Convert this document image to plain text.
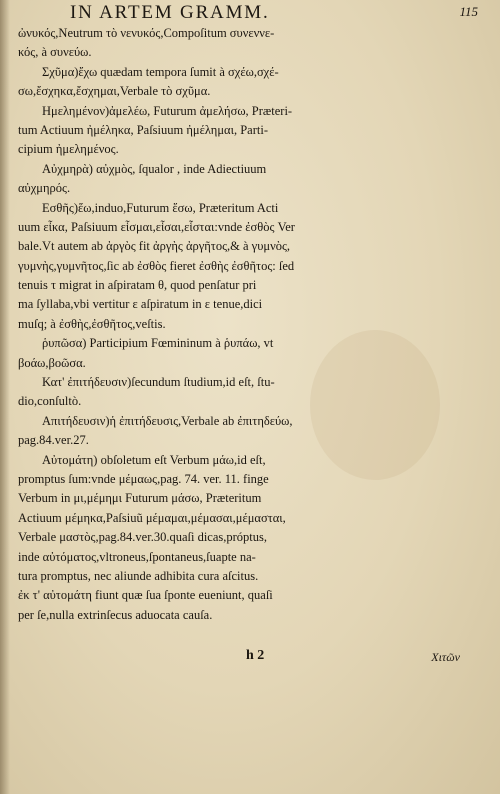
IN ARTEM GRAMM.	115
ὠνυκός,Neutrum τὸ νενυκός,Compoſitum συνεννε-
κός, à συνεύω.
Σχῦμα)ἔχω quædam tempora ſumit à σχέω,σχέ-
σω,ἔσχηκα,ἔσχημαι,Verbale τὸ σχῦμα.
Ημελημένον)ἀμελέω, Futurum ἀμελήσω, Præteri-
tum Actiuum ἠμέληκα, Paſsiuum ἠμέλημαι, Parti-
cipium ἠμελημένος.
Αὐχμηρὰ) αὐχμὸς, ſqualor , inde Adiectiuum
αὐχμηρός.
Εσθῆς)ἕω,induo,Futurum ἕσω, Præteritum Acti
uum εἶκα, Paſsiuum εἷσμαι,εἷσαι,εἷσται:vnde ἐσθὸς Ver
bale.Vt autem ab ἀργὸς fit ἀργὴς ἀργῆτος,& à γυμνὸς,
γυμνὴς,γυμνῆτος,ſic ab ἐσθὸς fieret ἐσθὴς ἐσθῆτος: ſed
tenuis τ migrat in aſpiratam θ, quod penſatur pri
ma ſyllaba,vbi vertitur ε aſpiratum in ε tenue,dici
muſq; à ἐσθὴς,ἐσθῆτος,veſtis.
ῥυπῶσα) Participium Fœmininum à ῥυπάω, vt
βοάω,βοῶσα.
Κατ' ἐπιτήδευσιν)ſecundum ſtudium,id eſt, ſtu-
dio,conſultò.
Απιτήδευσιν)ἡ ἐπιτήδευσις,Verbale ab ἐπιτηδεύω,
pag.84.ver.27.
Αὐτομάτη) obſoletum eſt Verbum μάω,id eſt,
promptus ſum:vnde μέμαως,pag. 74. ver. 11. finge
Verbum in μι,μέμημι Futurum μάσω, Præteritum
Actiuum μέμηκα,Paſsiuũ μέμαμαι,μέμασαι,μέμασται,
Verbale μαστὸς,pag.84.ver.30.quaſi dicas,próptus,
inde αὐτόματος,vltroneus,ſpontaneus,ſuapte na-
tura promptus, nec aliunde adhibita cura aſcitus.
ἐκ τ' αὐτομάτη fiunt quæ ſua ſponte eueniunt, quaſi
per ſe,nulla extrinſecus aduocata cauſa.
h 2	Χιτῶν
